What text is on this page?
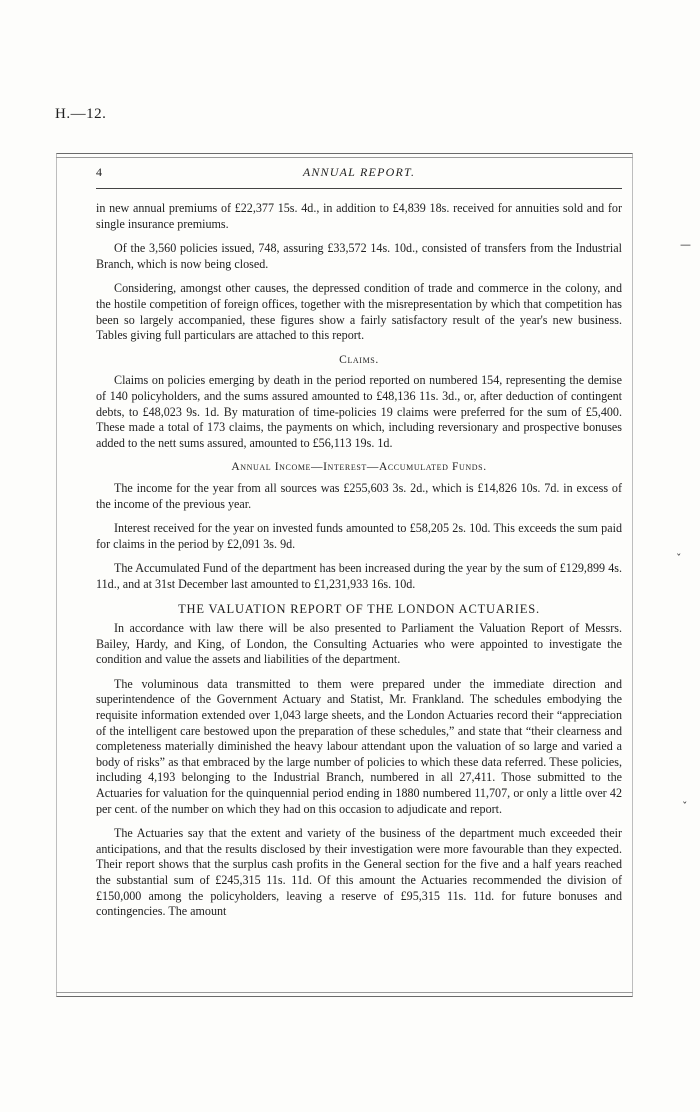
H.—12.
4	ANNUAL REPORT.

in new annual premiums of £22,377 15s. 4d., in addition to £4,839 18s. received for annuities sold and for single insurance premiums.

Of the 3,560 policies issued, 748, assuring £33,572 14s. 10d., consisted of transfers from the Industrial Branch, which is now being closed.

Considering, amongst other causes, the depressed condition of trade and commerce in the colony, and the hostile competition of foreign offices, together with the misrepresentation by which that competition has been so largely accompanied, these figures show a fairly satisfactory result of the year's new business. Tables giving full particulars are attached to this report.

Claims.

Claims on policies emerging by death in the period reported on numbered 154, representing the demise of 140 policyholders, and the sums assured amounted to £48,136 11s. 3d., or, after deduction of contingent debts, to £48,023 9s. 1d. By maturation of time-policies 19 claims were preferred for the sum of £5,400. These made a total of 173 claims, the payments on which, including reversionary and prospective bonuses added to the nett sums assured, amounted to £56,113 19s. 1d.

Annual Income—Interest—Accumulated Funds.

The income for the year from all sources was £255,603 3s. 2d., which is £14,826 10s. 7d. in excess of the income of the previous year.

Interest received for the year on invested funds amounted to £58,205 2s. 10d. This exceeds the sum paid for claims in the period by £2,091 3s. 9d.

The Accumulated Fund of the department has been increased during the year by the sum of £129,899 4s. 11d., and at 31st December last amounted to £1,231,933 16s. 10d.

THE VALUATION REPORT OF THE LONDON ACTUARIES.

In accordance with law there will be also presented to Parliament the Valuation Report of Messrs. Bailey, Hardy, and King, of London, the Consulting Actuaries who were appointed to investigate the condition and value the assets and liabilities of the department.

The voluminous data transmitted to them were prepared under the immediate direction and superintendence of the Government Actuary and Statist, Mr. Frankland. The schedules embodying the requisite information extended over 1,043 large sheets, and the London Actuaries record their “appreciation of the intelligent care bestowed upon the preparation of these schedules,” and state that “their clearness and completeness materially diminished the heavy labour attendant upon the valuation of so large and varied a body of risks” as that embraced by the large number of policies to which these data referred. These policies, including 4,193 belonging to the Industrial Branch, numbered in all 27,411. Those submitted to the Actuaries for valuation for the quinquennial period ending in 1880 numbered 11,707, or only a little over 42 per cent. of the number on which they had on this occasion to adjudicate and report.

The Actuaries say that the extent and variety of the business of the department much exceeded their anticipations, and that the results disclosed by their investigation were more favourable than they expected. Their report shows that the surplus cash profits in the General section for the five and a half years reached the substantial sum of £245,315 11s. 11d. Of this amount the Actuaries recommended the division of £150,000 among the policyholders, leaving a reserve of £95,315 11s. 11d. for future bonuses and contingencies. The amount

—
ˇ
ˇ
